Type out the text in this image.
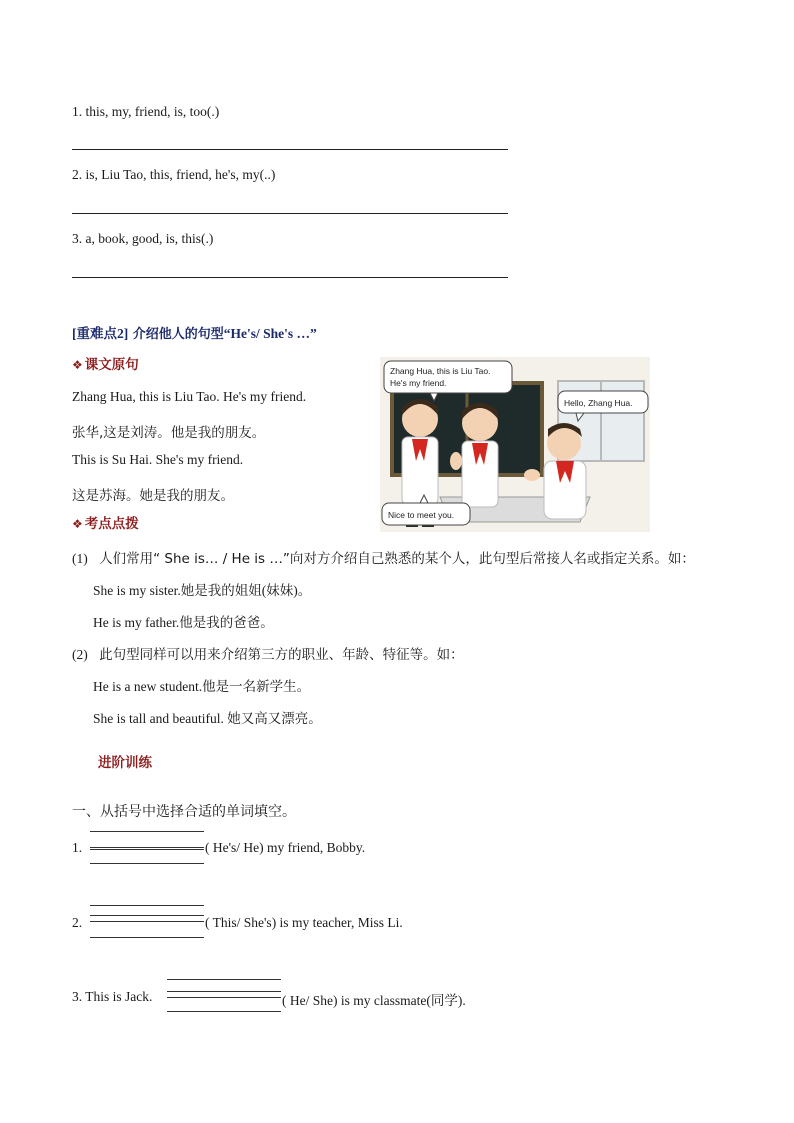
1. this, my, friend, is, too(.)
2. is, Liu Tao, this, friend, he's, my(..)
3. a, book, good, is, this(.)
[重难点2] 介绍他人的句型“He's/ She's …”
❖ 课文原句
Zhang Hua, this is Liu Tao. He's my friend.
张华,这是刘涛。他是我的朋友。
This is Su Hai. She's my friend.
这是苏海。她是我的朋友。
Zhang Hua, this is Liu Tao.
He's my friend.
Hello, Zhang Hua.
Nice to meet you.
❖ 考点点拨
(1) 人们常用“ She is… / He is …”向对方介绍自己熟悉的某个人，此句型后常接人名或指定关系。如：
She is my sister.她是我的姐姐(妹妹)。
He is my father.他是我的爸爸。
(2) 此句型同样可以用来介绍第三方的职业、年龄、特征等。如：
He is a new student.他是一名新学生。
She is tall and beautiful. 她又高又漂亮。
进阶训练
一、从括号中选择合适的单词填空。
1.	( He's/ He) my friend, Bobby.
2.	( This/ She's) is my teacher, Miss Li.
3. This is Jack.	( He/ She) is my classmate(同学).
